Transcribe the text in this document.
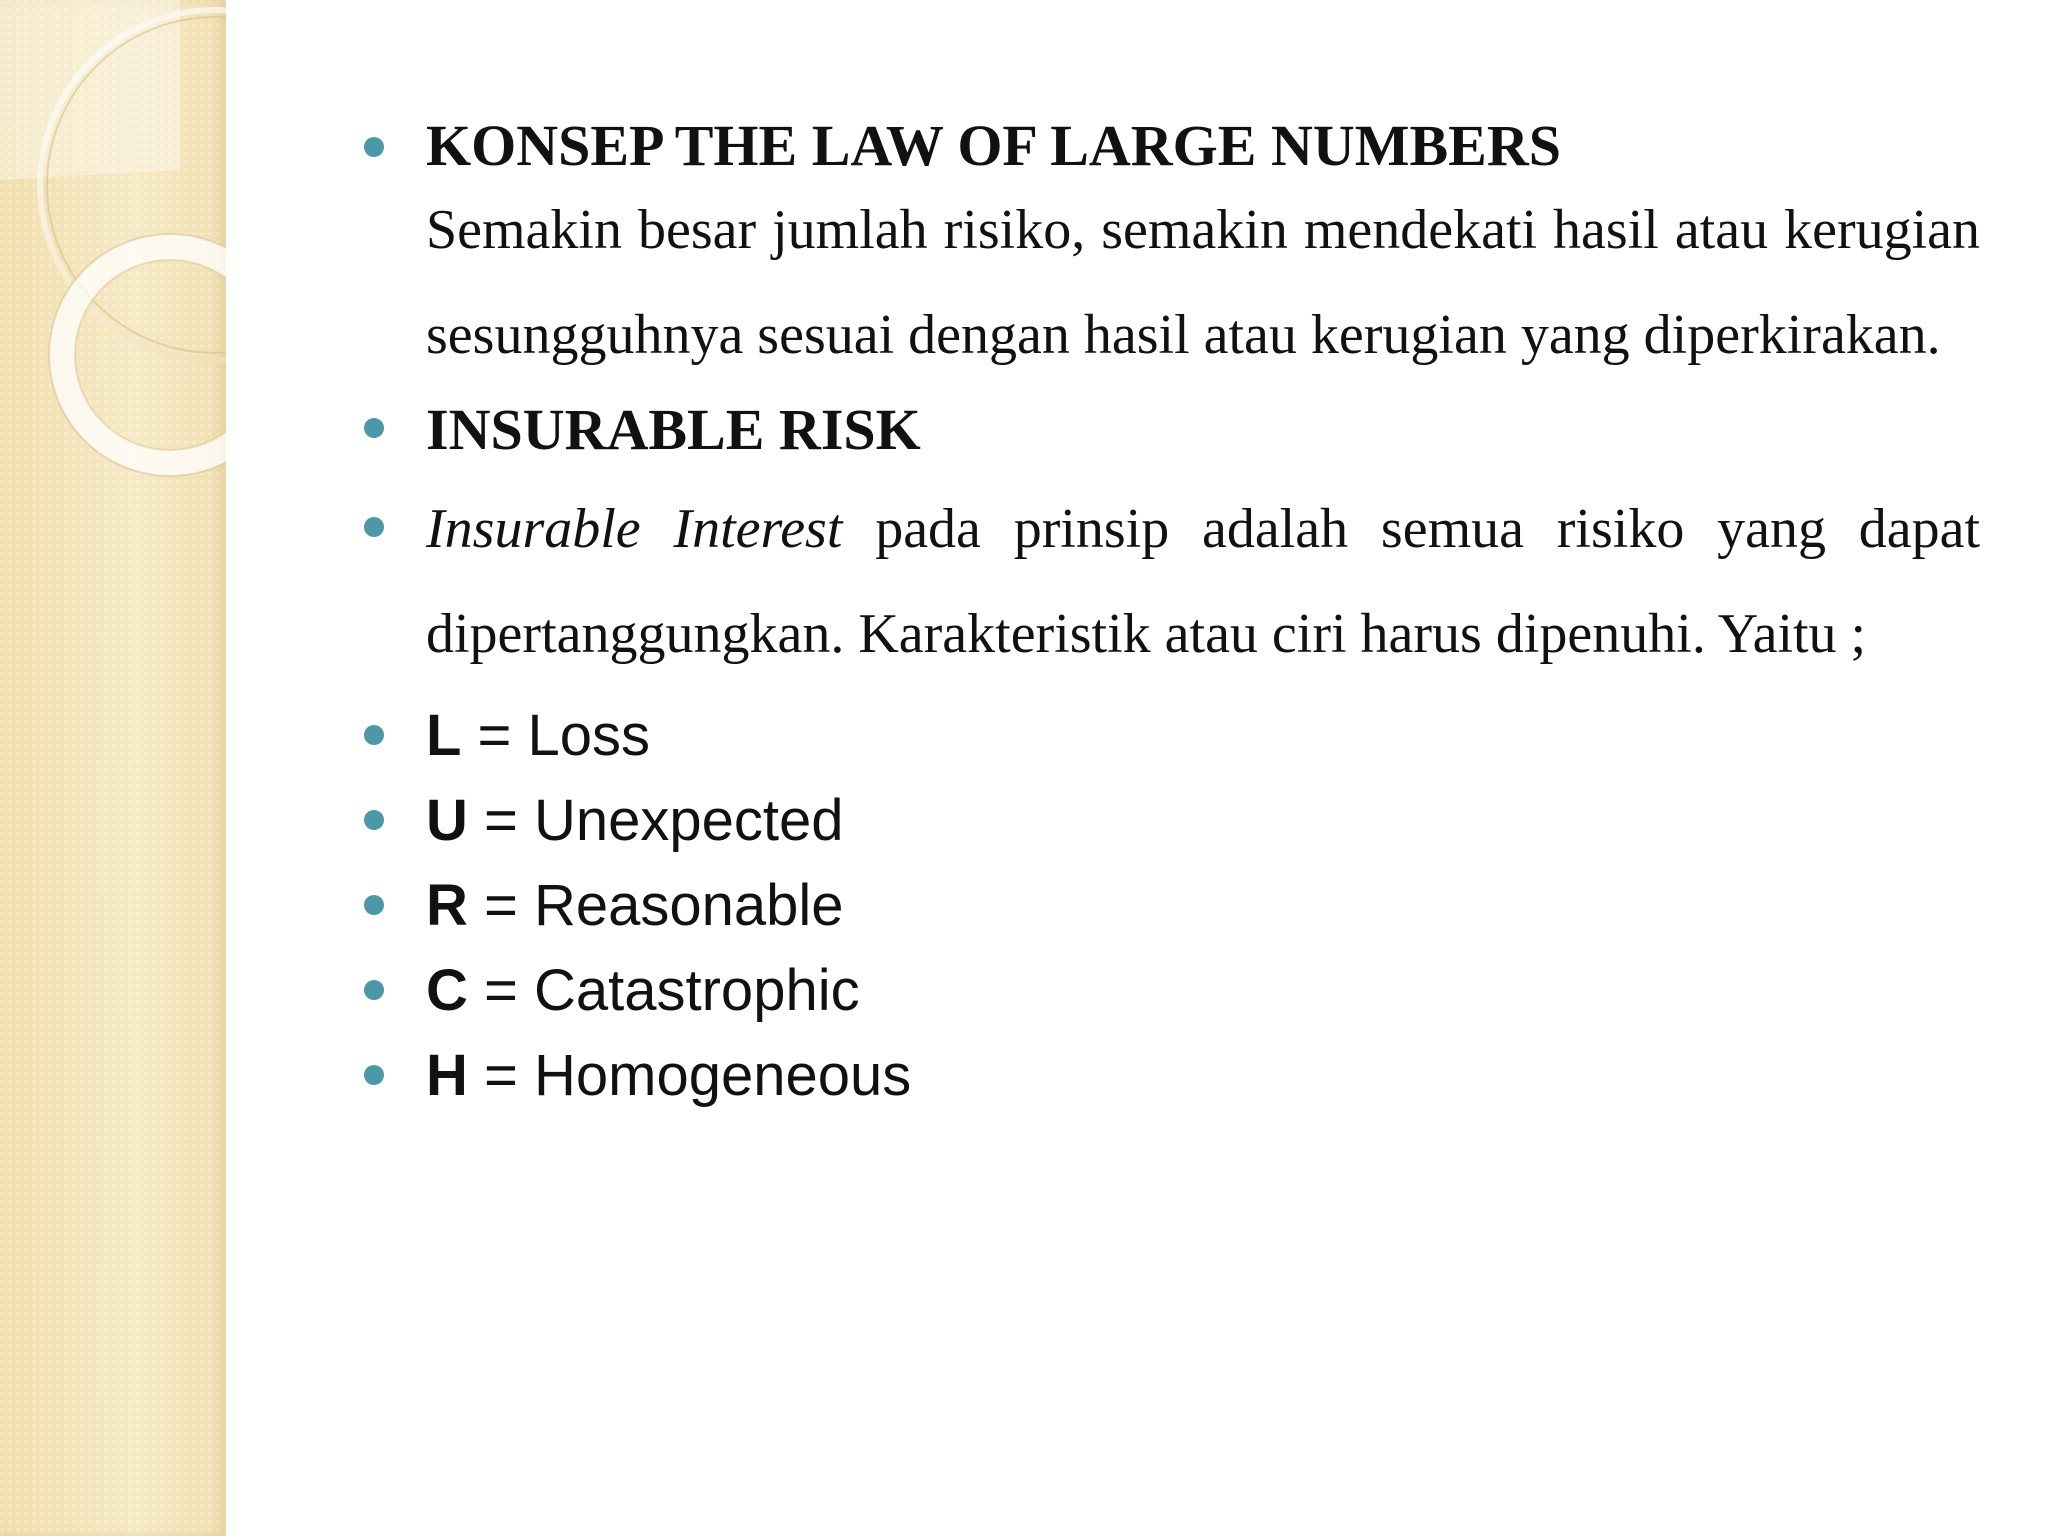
KONSEP THE LAW OF LARGE NUMBERS
Semakin besar jumlah risiko, semakin mendekati hasil atau kerugian sesungguhnya sesuai dengan hasil atau kerugian yang diperkirakan.
INSURABLE RISK
Insurable Interest pada prinsip adalah semua risiko yang dapat dipertanggungkan. Karakteristik atau ciri harus dipenuhi. Yaitu ;
L = Loss
U = Unexpected
R = Reasonable
C = Catastrophic
H = Homogeneous
